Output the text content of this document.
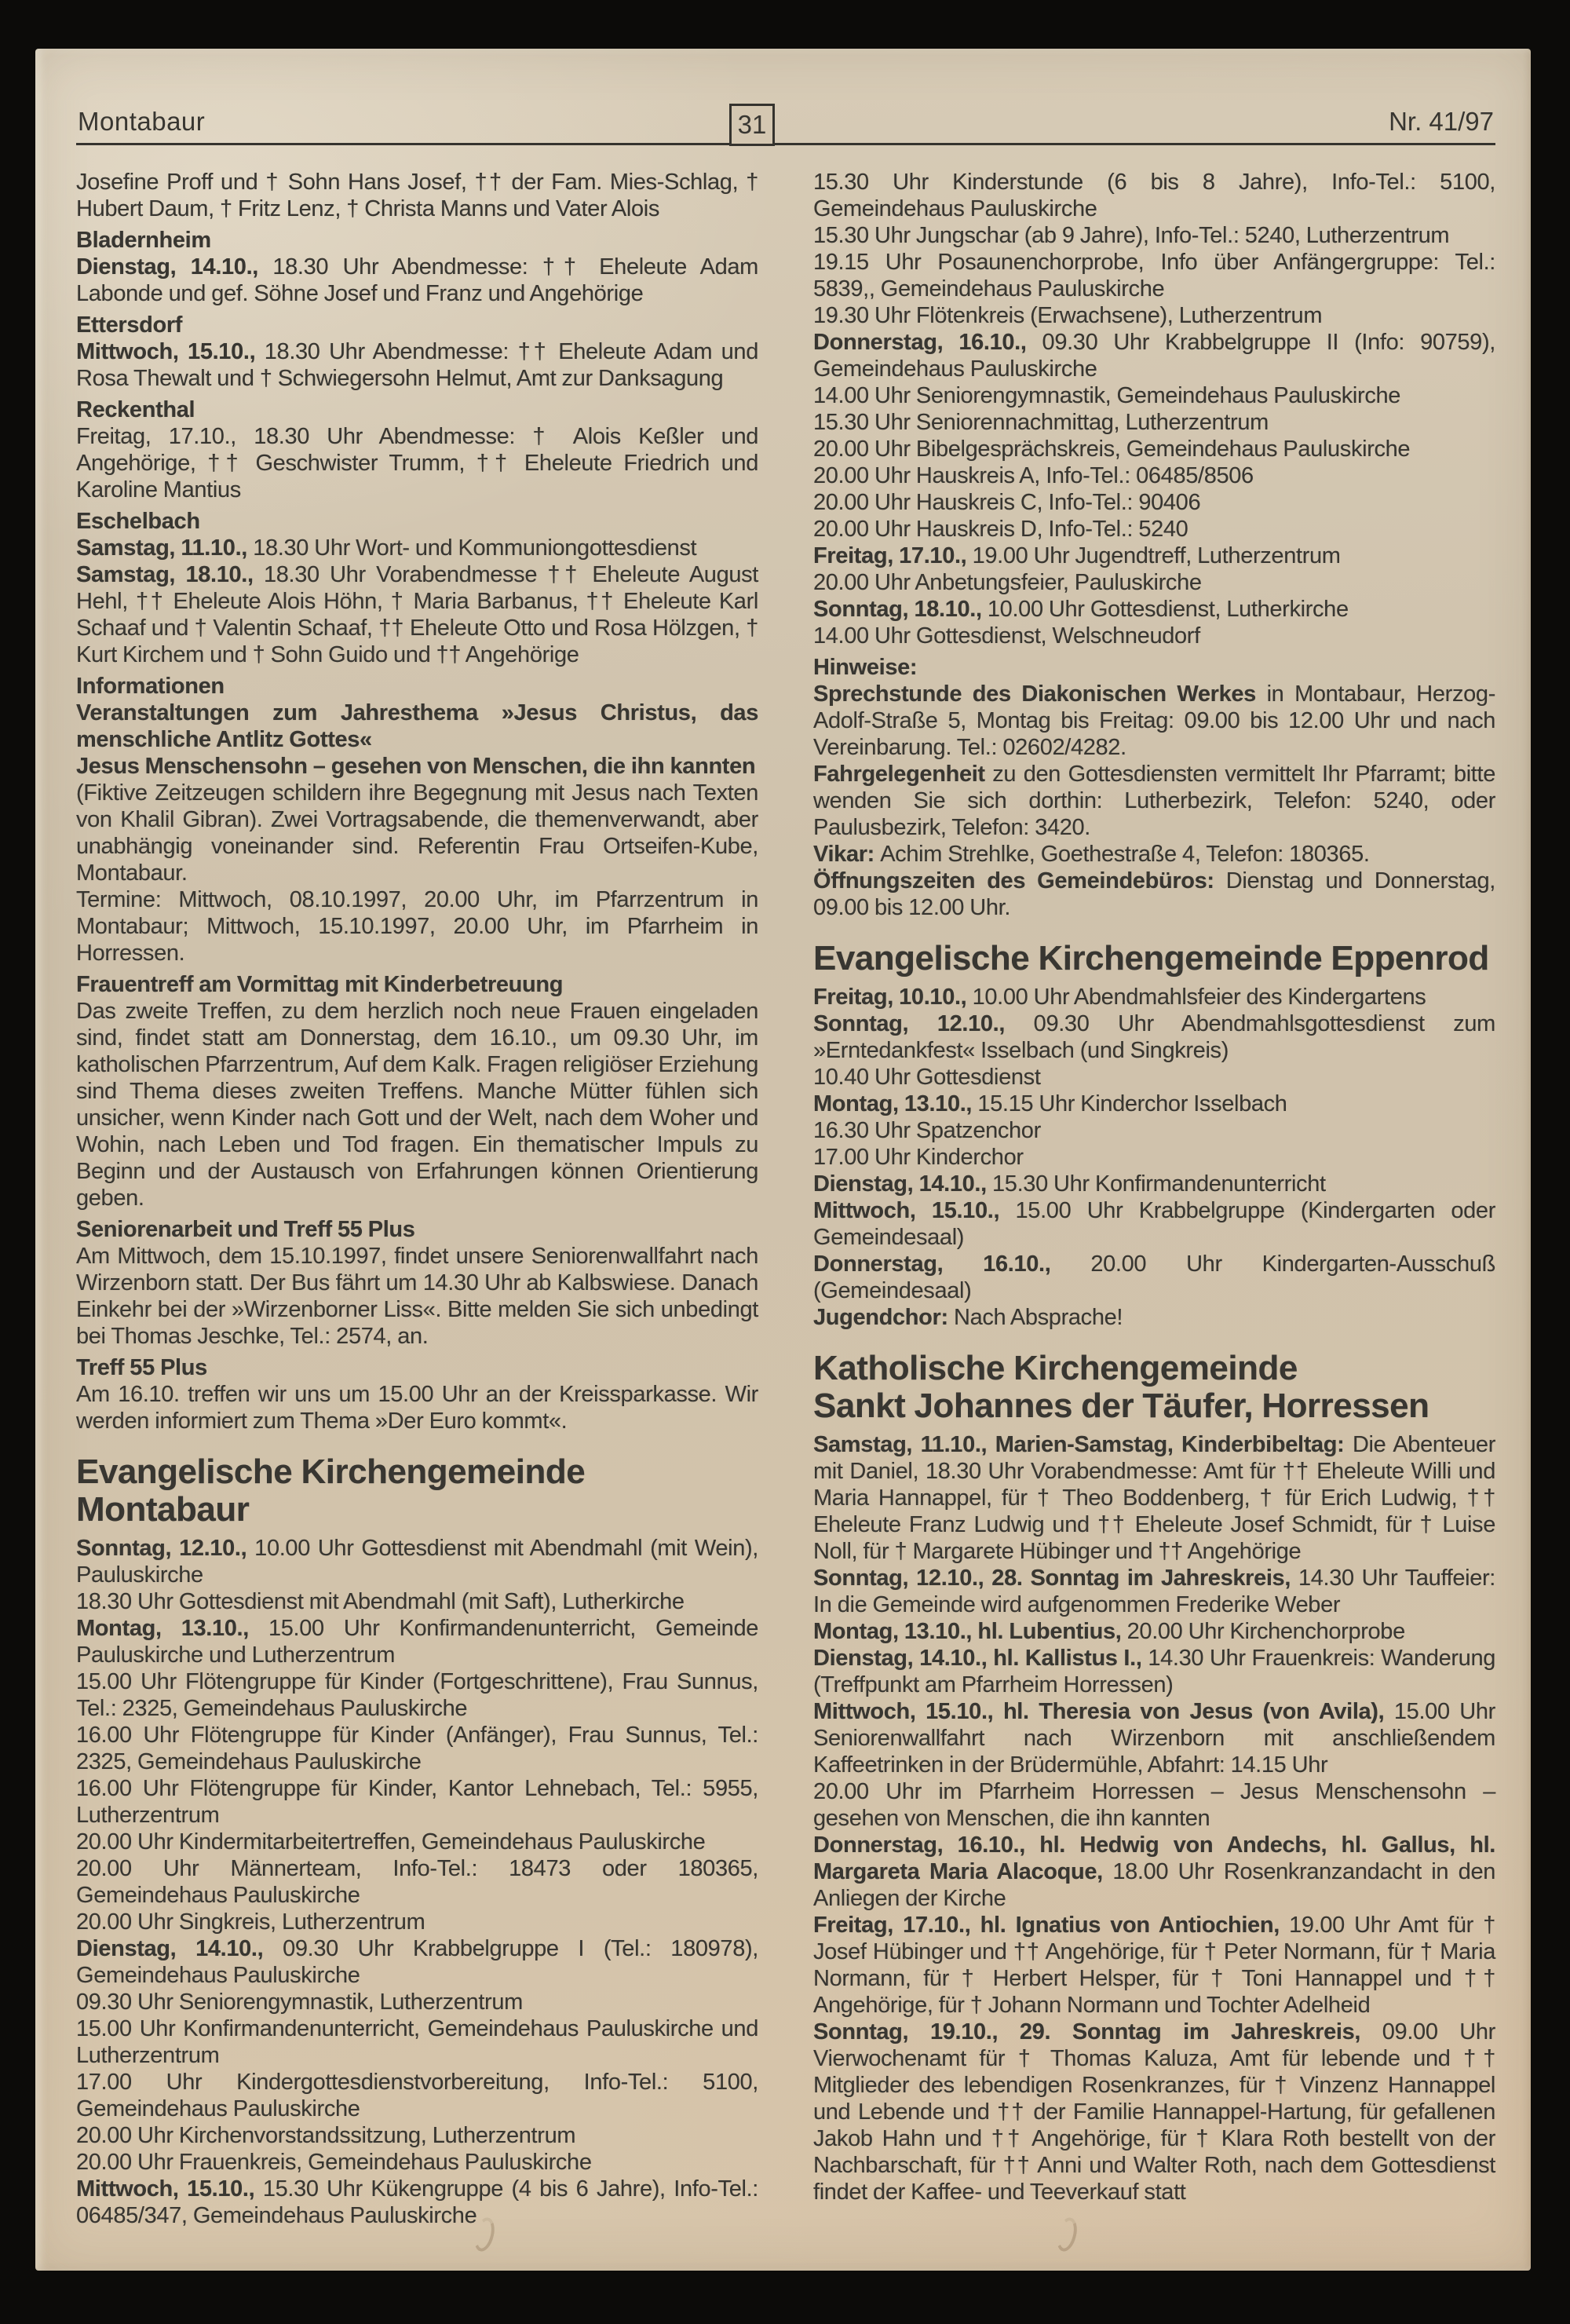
Montabaur	Nr. 41/97
31

Josefine Proff und † Sohn Hans Josef, †† der Fam. Mies-Schlag, † Hubert Daum, † Fritz Lenz, † Christa Manns und Vater Alois

Bladernheim

Dienstag, 14.10., 18.30 Uhr Abendmesse: †† Eheleute Adam Labonde und gef. Söhne Josef und Franz und Angehörige

Ettersdorf

Mittwoch, 15.10., 18.30 Uhr Abendmesse: †† Eheleute Adam und Rosa Thewalt und † Schwiegersohn Helmut, Amt zur Danksagung

Reckenthal

Freitag, 17.10., 18.30 Uhr Abendmesse: † Alois Keßler und Angehörige, †† Geschwister Trumm, †† Eheleute Friedrich und Karoline Mantius

Eschelbach

Samstag, 11.10., 18.30 Uhr Wort- und Kommuniongottesdienst

Samstag, 18.10., 18.30 Uhr Vorabendmesse †† Eheleute August Hehl, †† Eheleute Alois Höhn, † Maria Barbanus, †† Eheleute Karl Schaaf und † Valentin Schaaf, †† Eheleute Otto und Rosa Hölzgen, † Kurt Kirchem und † Sohn Guido und †† Angehörige

Informationen

Veranstaltungen zum Jahresthema »Jesus Christus, das menschliche Antlitz Gottes«

Jesus Menschensohn – gesehen von Menschen, die ihn kannten

(Fiktive Zeitzeugen schildern ihre Begegnung mit Jesus nach Texten von Khalil Gibran). Zwei Vortragsabende, die themenverwandt, aber unabhängig voneinander sind. Referentin Frau Ortseifen-Kube, Montabaur.

Termine: Mittwoch, 08.10.1997, 20.00 Uhr, im Pfarrzentrum in Montabaur; Mittwoch, 15.10.1997, 20.00 Uhr, im Pfarrheim in Horressen.

Frauentreff am Vormittag mit Kinderbetreuung

Das zweite Treffen, zu dem herzlich noch neue Frauen eingeladen sind, findet statt am Donnerstag, dem 16.10., um 09.30 Uhr, im katholischen Pfarrzentrum, Auf dem Kalk. Fragen religiöser Erziehung sind Thema dieses zweiten Treffens. Manche Mütter fühlen sich unsicher, wenn Kinder nach Gott und der Welt, nach dem Woher und Wohin, nach Leben und Tod fragen. Ein thematischer Impuls zu Beginn und der Austausch von Erfahrungen können Orientierung geben.

Seniorenarbeit und Treff 55 Plus

Am Mittwoch, dem 15.10.1997, findet unsere Seniorenwallfahrt nach Wirzenborn statt. Der Bus fährt um 14.30 Uhr ab Kalbswiese. Danach Einkehr bei der »Wirzenborner Liss«. Bitte melden Sie sich unbedingt bei Thomas Jeschke, Tel.: 2574, an.

Treff 55 Plus

Am 16.10. treffen wir uns um 15.00 Uhr an der Kreissparkasse. Wir werden informiert zum Thema »Der Euro kommt«.

Evangelische Kirchengemeinde Montabaur

Sonntag, 12.10., 10.00 Uhr Gottesdienst mit Abendmahl (mit Wein), Pauluskirche

18.30 Uhr Gottesdienst mit Abendmahl (mit Saft), Lutherkirche

Montag, 13.10., 15.00 Uhr Konfirmandenunterricht, Gemeinde Pauluskirche und Lutherzentrum

15.00 Uhr Flötengruppe für Kinder (Fortgeschrittene), Frau Sunnus, Tel.: 2325, Gemeindehaus Pauluskirche

16.00 Uhr Flötengruppe für Kinder (Anfänger), Frau Sunnus, Tel.: 2325, Gemeindehaus Pauluskirche

16.00 Uhr Flötengruppe für Kinder, Kantor Lehnebach, Tel.: 5955, Lutherzentrum

20.00 Uhr Kindermitarbeitertreffen, Gemeindehaus Pauluskirche

20.00 Uhr Männerteam, Info-Tel.: 18473 oder 180365, Gemeindehaus Pauluskirche

20.00 Uhr Singkreis, Lutherzentrum

Dienstag, 14.10., 09.30 Uhr Krabbelgruppe I (Tel.: 180978), Gemeindehaus Pauluskirche

09.30 Uhr Seniorengymnastik, Lutherzentrum

15.00 Uhr Konfirmandenunterricht, Gemeindehaus Pauluskirche und Lutherzentrum

17.00 Uhr Kindergottesdienstvorbereitung, Info-Tel.: 5100, Gemeindehaus Pauluskirche

20.00 Uhr Kirchenvorstandssitzung, Lutherzentrum

20.00 Uhr Frauenkreis, Gemeindehaus Pauluskirche

Mittwoch, 15.10., 15.30 Uhr Kükengruppe (4 bis 6 Jahre), Info-Tel.: 06485/347, Gemeindehaus Pauluskirche

15.30 Uhr Kinderstunde (6 bis 8 Jahre), Info-Tel.: 5100, Gemeindehaus Pauluskirche

15.30 Uhr Jungschar (ab 9 Jahre), Info-Tel.: 5240, Lutherzentrum

19.15 Uhr Posaunenchorprobe, Info über Anfängergruppe: Tel.: 5839,, Gemeindehaus Pauluskirche

19.30 Uhr Flötenkreis (Erwachsene), Lutherzentrum

Donnerstag, 16.10., 09.30 Uhr Krabbelgruppe II (Info: 90759), Gemeindehaus Pauluskirche

14.00 Uhr Seniorengymnastik, Gemeindehaus Pauluskirche

15.30 Uhr Seniorennachmittag, Lutherzentrum

20.00 Uhr Bibelgesprächskreis, Gemeindehaus Pauluskirche

20.00 Uhr Hauskreis A, Info-Tel.: 06485/8506

20.00 Uhr Hauskreis C, Info-Tel.: 90406

20.00 Uhr Hauskreis D, Info-Tel.: 5240

Freitag, 17.10., 19.00 Uhr Jugendtreff, Lutherzentrum

20.00 Uhr Anbetungsfeier, Pauluskirche

Sonntag, 18.10., 10.00 Uhr Gottesdienst, Lutherkirche

14.00 Uhr Gottesdienst, Welschneudorf

Hinweise:

Sprechstunde des Diakonischen Werkes in Montabaur, Herzog-Adolf-Straße 5, Montag bis Freitag: 09.00 bis 12.00 Uhr und nach Vereinbarung. Tel.: 02602/4282.

Fahrgelegenheit zu den Gottesdiensten vermittelt Ihr Pfarramt; bitte wenden Sie sich dorthin: Lutherbezirk, Telefon: 5240, oder Paulusbezirk, Telefon: 3420.

Vikar: Achim Strehlke, Goethestraße 4, Telefon: 180365.

Öffnungszeiten des Gemeindebüros: Dienstag und Donnerstag, 09.00 bis 12.00 Uhr.

Evangelische Kirchengemeinde Eppenrod

Freitag, 10.10., 10.00 Uhr Abendmahlsfeier des Kindergartens

Sonntag, 12.10., 09.30 Uhr Abendmahlsgottesdienst zum »Erntedankfest« Isselbach (und Singkreis)

10.40 Uhr Gottesdienst

Montag, 13.10., 15.15 Uhr Kinderchor Isselbach

16.30 Uhr Spatzenchor

17.00 Uhr Kinderchor

Dienstag, 14.10., 15.30 Uhr Konfirmandenunterricht

Mittwoch, 15.10., 15.00 Uhr Krabbelgruppe (Kindergarten oder Gemeindesaal)

Donnerstag, 16.10., 20.00 Uhr Kindergarten-Ausschuß (Gemeindesaal)

Jugendchor: Nach Absprache!

Katholische Kirchengemeinde
Sankt Johannes der Täufer, Horressen

Samstag, 11.10., Marien-Samstag, Kinderbibeltag: Die Abenteuer mit Daniel, 18.30 Uhr Vorabendmesse: Amt für †† Eheleute Willi und Maria Hannappel, für † Theo Boddenberg, † für Erich Ludwig, †† Eheleute Franz Ludwig und †† Eheleute Josef Schmidt, für † Luise Noll, für † Margarete Hübinger und †† Angehörige

Sonntag, 12.10., 28. Sonntag im Jahreskreis, 14.30 Uhr Tauffeier: In die Gemeinde wird aufgenommen Frederike Weber

Montag, 13.10., hl. Lubentius, 20.00 Uhr Kirchenchorprobe

Dienstag, 14.10., hl. Kallistus I., 14.30 Uhr Frauenkreis: Wanderung (Treffpunkt am Pfarrheim Horressen)

Mittwoch, 15.10., hl. Theresia von Jesus (von Avila), 15.00 Uhr Seniorenwallfahrt nach Wirzenborn mit anschließendem Kaffeetrinken in der Brüdermühle, Abfahrt: 14.15 Uhr

20.00 Uhr im Pfarrheim Horressen – Jesus Menschensohn – gesehen von Menschen, die ihn kannten

Donnerstag, 16.10., hl. Hedwig von Andechs, hl. Gallus, hl. Margareta Maria Alacoque, 18.00 Uhr Rosenkranzandacht in den Anliegen der Kirche

Freitag, 17.10., hl. Ignatius von Antiochien, 19.00 Uhr Amt für † Josef Hübinger und †† Angehörige, für † Peter Normann, für † Maria Normann, für † Herbert Helsper, für † Toni Hannappel und †† Angehörige, für † Johann Normann und Tochter Adelheid

Sonntag, 19.10., 29. Sonntag im Jahreskreis, 09.00 Uhr Vierwochenamt für † Thomas Kaluza, Amt für lebende und †† Mitglieder des lebendigen Rosenkranzes, für † Vinzenz Hannappel und Lebende und †† der Familie Hannappel-Hartung, für gefallenen Jakob Hahn und †† Angehörige, für † Klara Roth bestellt von der Nachbarschaft, für †† Anni und Walter Roth, nach dem Gottesdienst findet der Kaffee- und Teeverkauf statt
